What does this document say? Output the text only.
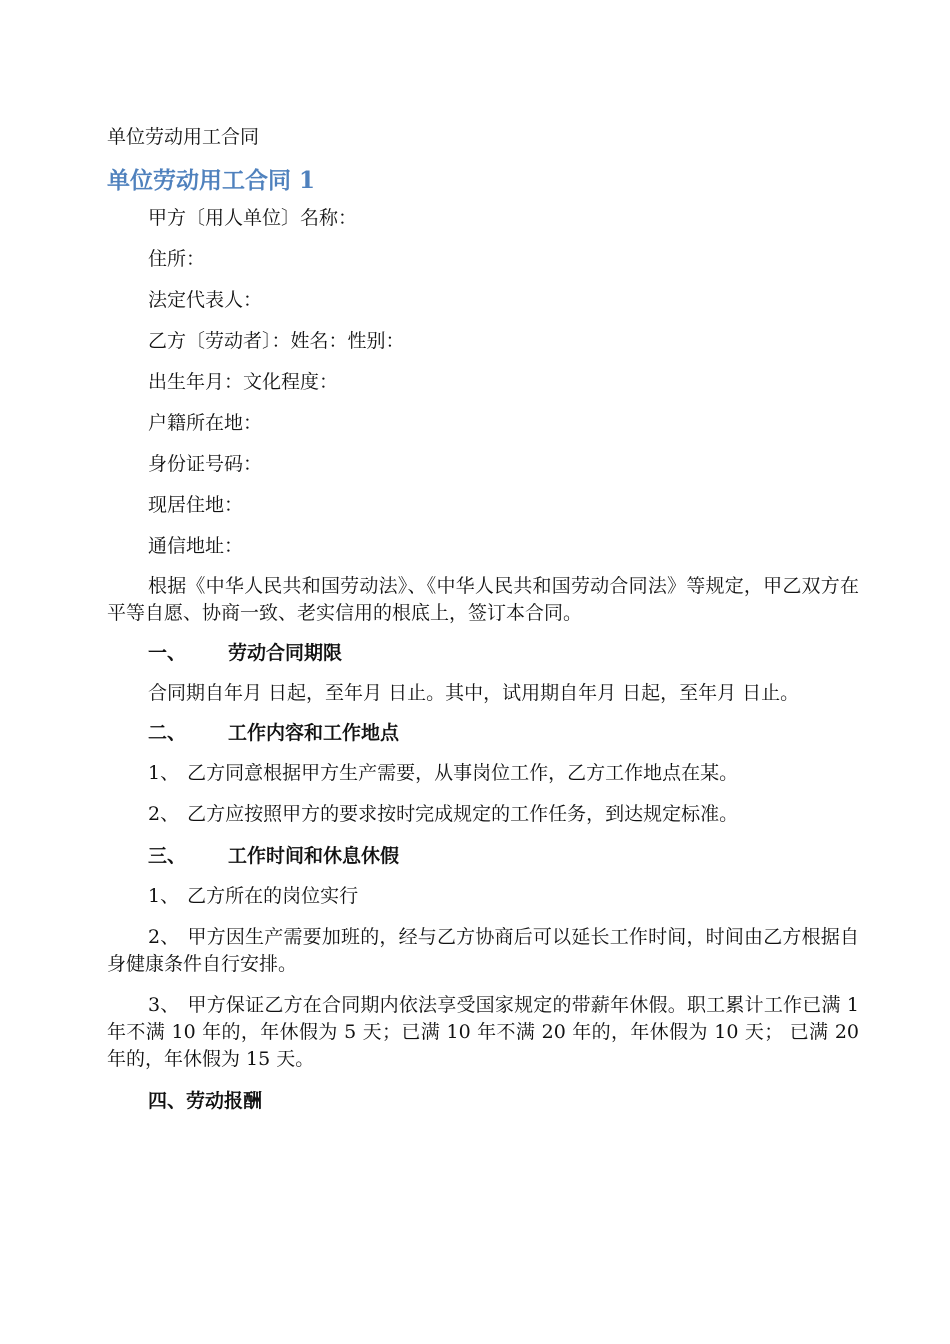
单位劳动用工合同
单位劳动用工合同 1

甲方〔用人单位〕名称：

住所：

法定代表人：

乙方〔劳动者〕：姓名：性别：

出生年月：文化程度：

户籍所在地：

身份证号码：

现居住地：

通信地址：

根据《中华人民共和国劳动法》、《中华人民共和国劳动合同法》等规定，甲乙双方在平等自愿、协商一致、老实信用的根底上，签订本合同。

一、 劳动合同期限

合同期自年月 日起，至年月 日止。其中，试用期自年月 日起，至年月 日止。

二、 工作内容和工作地点

1、 乙方同意根据甲方生产需要，从事岗位工作，乙方工作地点在某。

2、 乙方应按照甲方的要求按时完成规定的工作任务，到达规定标准。

三、 工作时间和休息休假

1、 乙方所在的岗位实行

2、 甲方因生产需要加班的，经与乙方协商后可以延长工作时间，时间由乙方根据自身健康条件自行安排。

3、 甲方保证乙方在合同期内依法享受国家规定的带薪年休假。职工累计工作已满 1 年不满 10 年的，年休假为 5 天；已满 10 年不满 20 年的，年休假为 10 天； 已满 20 年的，年休假为 15 天。

四、劳动报酬
